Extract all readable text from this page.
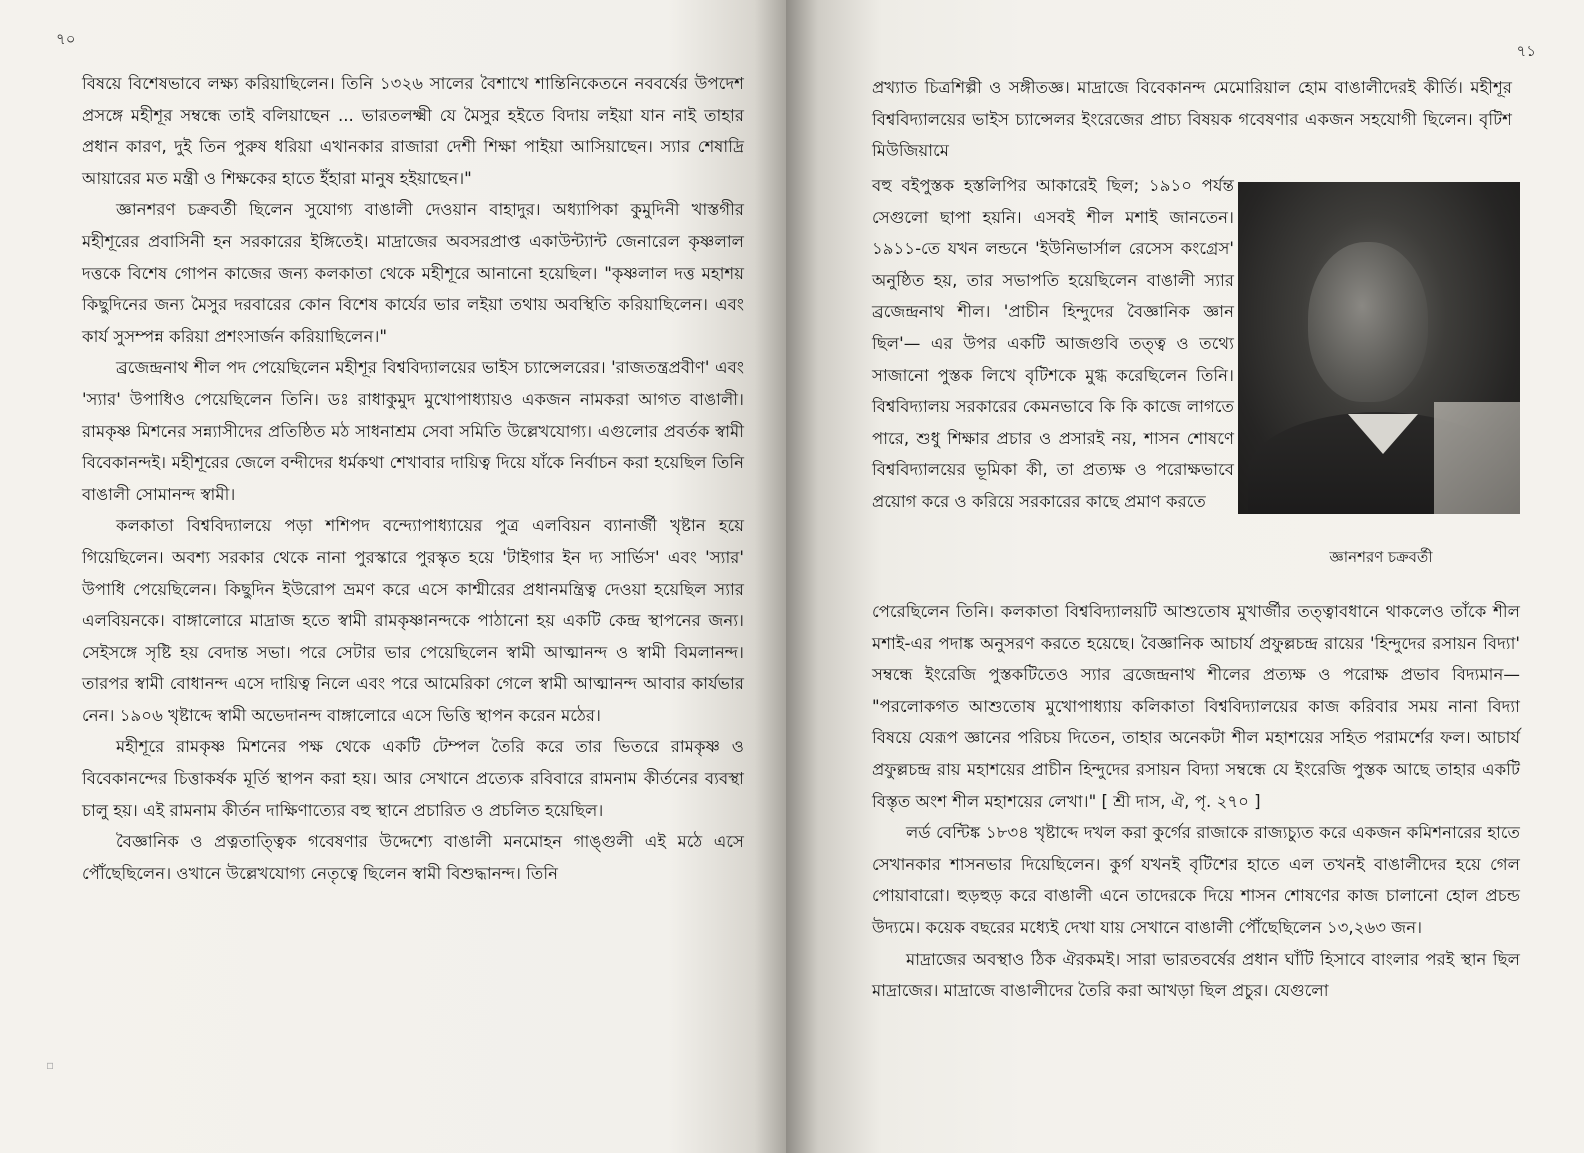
৭০

বিষয়ে বিশেষভাবে লক্ষ্য করিয়াছিলেন। তিনি ১৩২৬ সালের বৈশাখে শান্তিনিকেতনে নববর্ষের উপদেশ প্রসঙ্গে মহীশূর সম্বন্ধে তাই বলিয়াছেন ... ভারতলক্ষ্মী যে মৈসুর হইতে বিদায় লইয়া যান নাই তাহার প্রধান কারণ, দুই তিন পুরুষ ধরিয়া এখানকার রাজারা দেশী শিক্ষা পাইয়া আসিয়াছেন। স্যার শেষাদ্রি আয়ারের মত মন্ত্রী ও শিক্ষকের হাতে ইঁহারা মানুষ হইয়াছেন।"

জ্ঞানশরণ চক্রবর্তী ছিলেন সুযোগ্য বাঙালী দেওয়ান বাহাদুর। অধ্যাপিকা কুমুদিনী খাস্তগীর মহীশূরের প্রবাসিনী হন সরকারের ইঙ্গিতেই। মাদ্রাজের অবসরপ্রাপ্ত একাউন্ট্যান্ট জেনারেল কৃষ্ণলাল দত্তকে বিশেষ গোপন কাজের জন্য কলকাতা থেকে মহীশূরে আনানো হয়েছিল। "কৃষ্ণলাল দত্ত মহাশয় কিছুদিনের জন্য মৈসুর দরবারের কোন বিশেষ কার্যের ভার লইয়া তথায় অবস্থিতি করিয়াছিলেন। এবং কার্য সুসম্পন্ন করিয়া প্রশংসার্জন করিয়াছিলেন।"

ব্রজেন্দ্রনাথ শীল পদ পেয়েছিলেন মহীশূর বিশ্ববিদ্যালয়ের ভাইস চ্যান্সেলরের। 'রাজতন্ত্রপ্রবীণ' এবং 'স্যার' উপাধিও পেয়েছিলেন তিনি। ডঃ রাধাকুমুদ মুখোপাধ্যায়ও একজন নামকরা আগত বাঙালী। রামকৃষ্ণ মিশনের সন্ন্যাসীদের প্রতিষ্ঠিত মঠ সাধনাশ্রম সেবা সমিতি উল্লেখযোগ্য। এগুলোর প্রবর্তক স্বামী বিবেকানন্দই। মহীশূরের জেলে বন্দীদের ধর্মকথা শেখাবার দায়িত্ব দিয়ে যাঁকে নির্বাচন করা হয়েছিল তিনি বাঙালী সোমানন্দ স্বামী।

কলকাতা বিশ্ববিদ্যালয়ে পড়া শশিপদ বন্দ্যোপাধ্যায়ের পুত্র এলবিয়ন ব্যানার্জী খৃষ্টান হয়ে গিয়েছিলেন। অবশ্য সরকার থেকে নানা পুরস্কারে পুরস্কৃত হয়ে 'টাইগার ইন দ্য সার্ভিস' এবং 'স্যার' উপাধি পেয়েছিলেন। কিছুদিন ইউরোপ ভ্রমণ করে এসে কাশ্মীরের প্রধানমন্ত্রিত্ব দেওয়া হয়েছিল স্যার এলবিয়নকে। বাঙ্গালোরে মাদ্রাজ হতে স্বামী রামকৃষ্ণানন্দকে পাঠানো হয় একটি কেন্দ্র স্থাপনের জন্য। সেইসঙ্গে সৃষ্টি হয় বেদান্ত সভা। পরে সেটার ভার পেয়েছিলেন স্বামী আত্মানন্দ ও স্বামী বিমলানন্দ। তারপর স্বামী বোধানন্দ এসে দায়িত্ব নিলে এবং পরে আমেরিকা গেলে স্বামী আত্মানন্দ আবার কার্যভার নেন। ১৯০৬ খৃষ্টাব্দে স্বামী অভেদানন্দ বাঙ্গালোরে এসে ভিত্তি স্থাপন করেন মঠের।

মহীশূরে রামকৃষ্ণ মিশনের পক্ষ থেকে একটি টেম্পল তৈরি করে তার ভিতরে রামকৃষ্ণ ও বিবেকানন্দের চিত্তাকর্ষক মূর্তি স্থাপন করা হয়। আর সেখানে প্রত্যেক রবিবারে রামনাম কীর্তনের ব্যবস্থা চালু হয়। এই রামনাম কীর্তন দাক্ষিণাত্যের বহু স্থানে প্রচারিত ও প্রচলিত হয়েছিল।

বৈজ্ঞানিক ও প্রত্নতাত্ত্বিক গবেষণার উদ্দেশ্যে বাঙালী মনমোহন গাঙ্গুলী এই মঠে এসে পৌঁছেছিলেন। ওখানে উল্লেখযোগ্য নেতৃত্বে ছিলেন স্বামী বিশুদ্ধানন্দ। তিনি

▫
৭১
প্রখ্যাত চিত্রশিল্পী ও সঙ্গীতজ্ঞ। মাদ্রাজে বিবেকানন্দ মেমোরিয়াল হোম বাঙালীদেরই কীর্তি। মহীশূর বিশ্ববিদ্যালয়ের ভাইস চ্যান্সেলর ইংরেজের প্রাচ্য বিষয়ক গবেষণার একজন সহযোগী ছিলেন। বৃটিশ মিউজিয়ামে
বহু বইপুস্তক হস্তলিপির আকারেই ছিল; ১৯১০ পর্যন্ত সেগুলো ছাপা হয়নি। এসবই শীল মশাই জানতেন। ১৯১১-তে যখন লন্ডনে 'ইউনিভার্সাল রেসেস কংগ্রেস' অনুষ্ঠিত হয়, তার সভাপতি হয়েছিলেন বাঙালী স্যার ব্রজেন্দ্রনাথ শীল। 'প্রাচীন হিন্দুদের বৈজ্ঞানিক জ্ঞান ছিল'— এর উপর একটি আজগুবি তত্ত্ব ও তথ্যে সাজানো পুস্তক লিখে বৃটিশকে মুগ্ধ করেছিলেন তিনি। বিশ্ববিদ্যালয় সরকারের কেমনভাবে কি কি কাজে লাগতে পারে, শুধু শিক্ষার প্রচার ও প্রসারই নয়, শাসন শোষণে বিশ্ববিদ্যালয়ের ভূমিকা কী, তা প্রত্যক্ষ ও পরোক্ষভাবে প্রয়োগ করে ও করিয়ে সরকারের কাছে প্রমাণ করতে
জ্ঞানশরণ চক্রবর্তী

পেরেছিলেন তিনি। কলকাতা বিশ্ববিদ্যালয়টি আশুতোষ মুখার্জীর তত্ত্বাবধানে থাকলেও তাঁকে শীল মশাই-এর পদাঙ্ক অনুসরণ করতে হয়েছে। বৈজ্ঞানিক আচার্য প্রফুল্লচন্দ্র রায়ের 'হিন্দুদের রসায়ন বিদ্যা' সম্বন্ধে ইংরেজি পুস্তকটিতেও স্যার ব্রজেন্দ্রনাথ শীলের প্রত্যক্ষ ও পরোক্ষ প্রভাব বিদ্যমান— "পরলোকগত আশুতোষ মুখোপাধ্যায় কলিকাতা বিশ্ববিদ্যালয়ের কাজ করিবার সময় নানা বিদ্যা বিষয়ে যেরূপ জ্ঞানের পরিচয় দিতেন, তাহার অনেকটা শীল মহাশয়ের সহিত পরামর্শের ফল। আচার্য প্রফুল্লচন্দ্র রায় মহাশয়ের প্রাচীন হিন্দুদের রসায়ন বিদ্যা সম্বন্ধে যে ইংরেজি পুস্তক আছে তাহার একটি বিস্তৃত অংশ শীল মহাশয়ের লেখা।" [ শ্রী দাস, ঐ, পৃ. ২৭০ ]

লর্ড বেন্টিঙ্ক ১৮৩৪ খৃষ্টাব্দে দখল করা কুর্গের রাজাকে রাজ্যচ্যুত করে একজন কমিশনারের হাতে সেখানকার শাসনভার দিয়েছিলেন। কুর্গ যখনই বৃটিশের হাতে এল তখনই বাঙালীদের হয়ে গেল পোয়াবারো। হুড়হুড় করে বাঙালী এনে তাদেরকে দিয়ে শাসন শোষণের কাজ চালানো হোল প্রচন্ড উদ্যমে। কয়েক বছরের মধ্যেই দেখা যায় সেখানে বাঙালী পৌঁছেছিলেন ১৩,২৬৩ জন।

মাদ্রাজের অবস্থাও ঠিক ঐরকমই। সারা ভারতবর্ষের প্রধান ঘাঁটি হিসাবে বাংলার পরই স্থান ছিল মাদ্রাজের। মাদ্রাজে বাঙালীদের তৈরি করা আখড়া ছিল প্রচুর। যেগুলো
